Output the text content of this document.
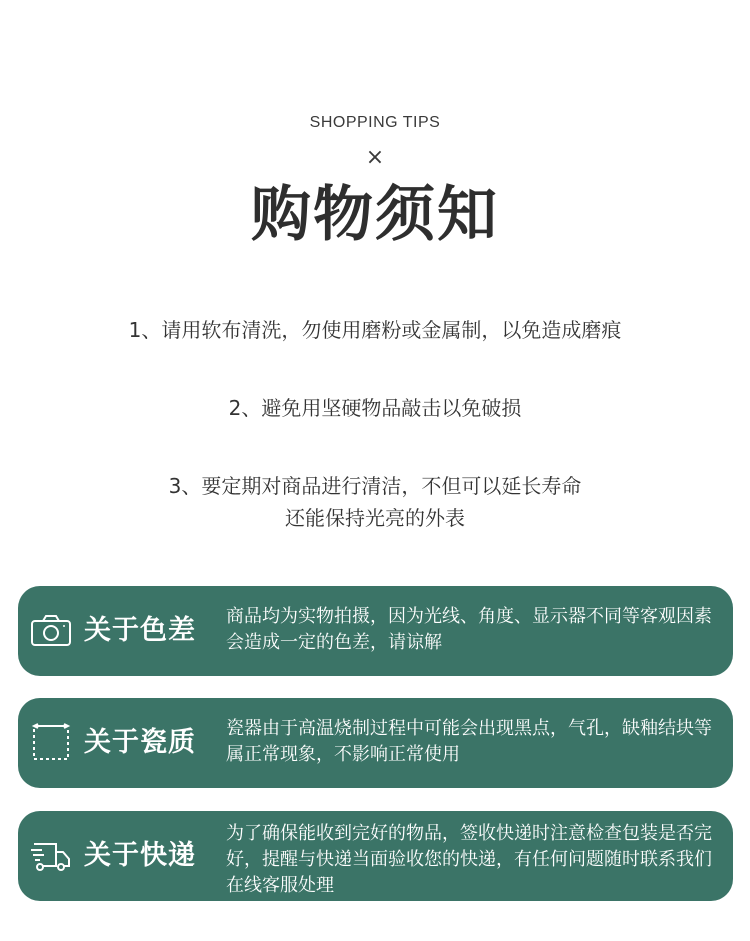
SHOPPING TIPS
×
购物须知
1、请用软布清洗，勿使用磨粉或金属制，以免造成磨痕
2、避免用坚硬物品敲击以免破损
3、要定期对商品进行清洁，不但可以延长寿命
还能保持光亮的外表
关于色差 商品均为实物拍摄，因为光线、角度、显示器不同等客观因素会造成一定的色差，请谅解
关于瓷质 瓷器由于高温烧制过程中可能会出现黑点，气孔，缺釉结块等属正常现象，不影响正常使用
关于快递
为了确保能收到完好的物品，签收快递时注意检查包装是否完好，提醒与快递当面验收您的快递，有任何问题随时联系我们在线客服处理
